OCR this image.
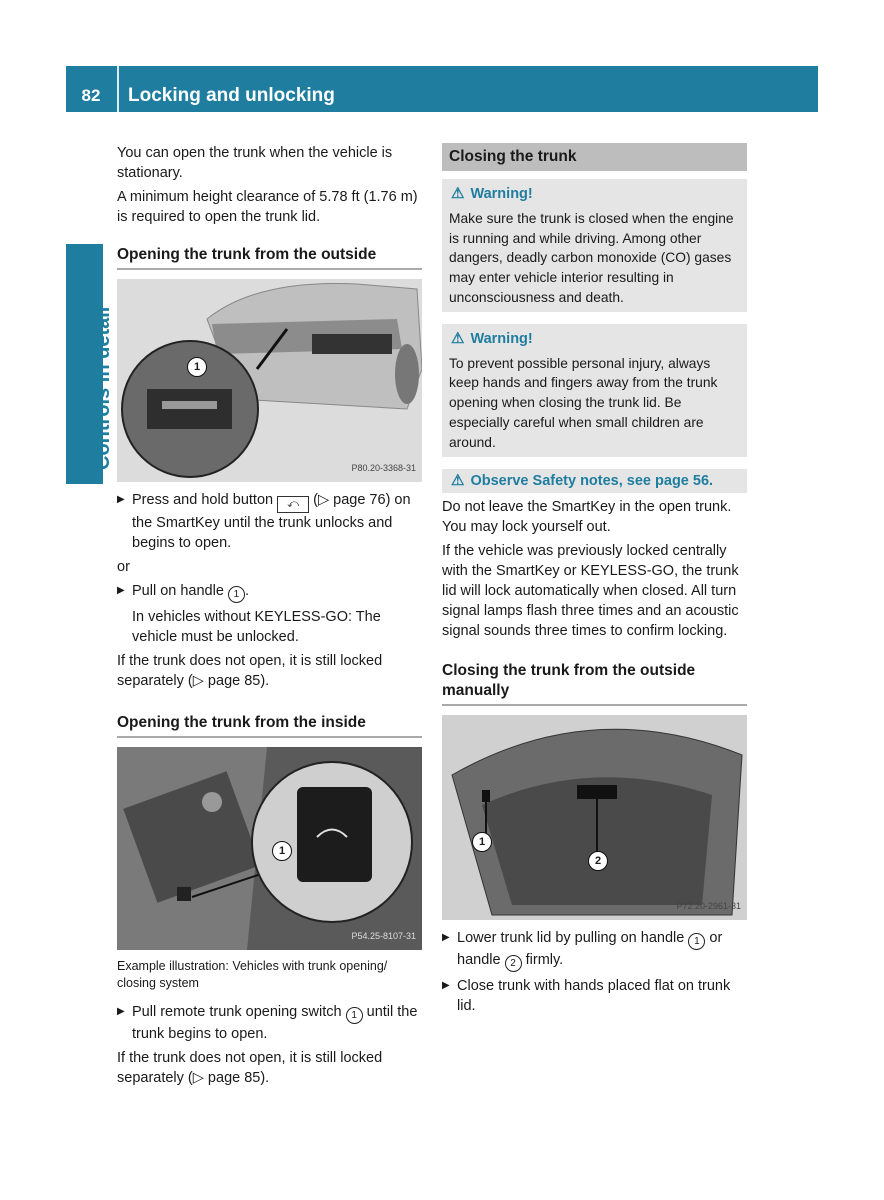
82	Locking and unlocking
Controls in detail

You can open the trunk when the vehicle is stationary.

A minimum height clearance of 5.78 ft (1.76 m) is required to open the trunk lid.

Opening the trunk from the outside
1
P80.20-3368-31
▶ Press and hold button ⤺ (▷ page 76) on the SmartKey until the trunk unlocks and begins to open.

or

▶ Pull on handle 1 .

In vehicles without KEYLESS-GO: The vehicle must be unlocked.

If the trunk does not open, it is still locked separately (▷ page 85).

Opening the trunk from the inside
1
P54.25-8107-31
Example illustration: Vehicles with trunk opening/ closing system
▶ Pull remote trunk opening switch 1 until the trunk begins to open.

If the trunk does not open, it is still locked separately (▷ page 85).

Closing the trunk
⚠ Warning!
Make sure the trunk is closed when the engine is running and while driving. Among other dangers, deadly carbon monoxide (CO) gases may enter vehicle interior resulting in unconsciousness and death.
⚠ Warning!
To prevent possible personal injury, always keep hands and fingers away from the trunk opening when closing the trunk lid. Be especially careful when small children are around.
⚠ Observe Safety notes, see page 56.

Do not leave the SmartKey in the open trunk. You may lock yourself out.

If the vehicle was previously locked centrally with the SmartKey or KEYLESS-GO, the trunk lid will lock automatically when closed. All turn signal lamps flash three times and an acoustic signal sounds three times to confirm locking.

Closing the trunk from the outside manually
1
2
P72.20-2961-31
▶ Lower trunk lid by pulling on handle 1 or handle 2 firmly.
▶ Close trunk with hands placed flat on trunk lid.
